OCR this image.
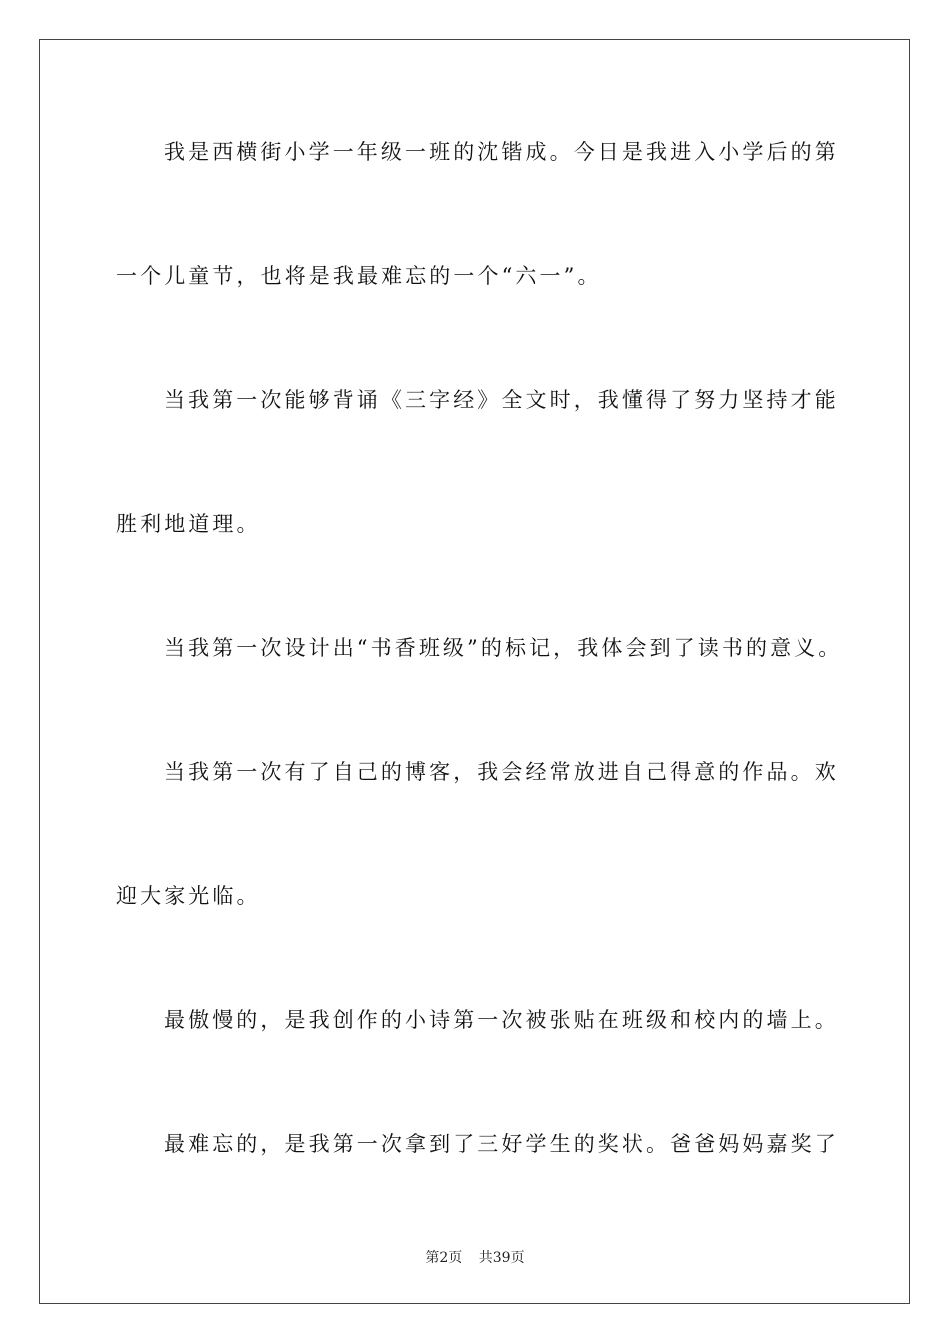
我是西横街小学一年级一班的沈锴成。今日是我进入小学后的第
一个儿童节，也将是我最难忘的一个“六一”。
当我第一次能够背诵《三字经》全文时，我懂得了努力坚持才能
胜利地道理。
当我第一次设计出“书香班级”的标记，我体会到了读书的意义。
当我第一次有了自己的博客，我会经常放进自己得意的作品。欢
迎大家光临。
最傲慢的，是我创作的小诗第一次被张贴在班级和校内的墙上。
最难忘的，是我第一次拿到了三好学生的奖状。爸爸妈妈嘉奖了
第2页 共39页
